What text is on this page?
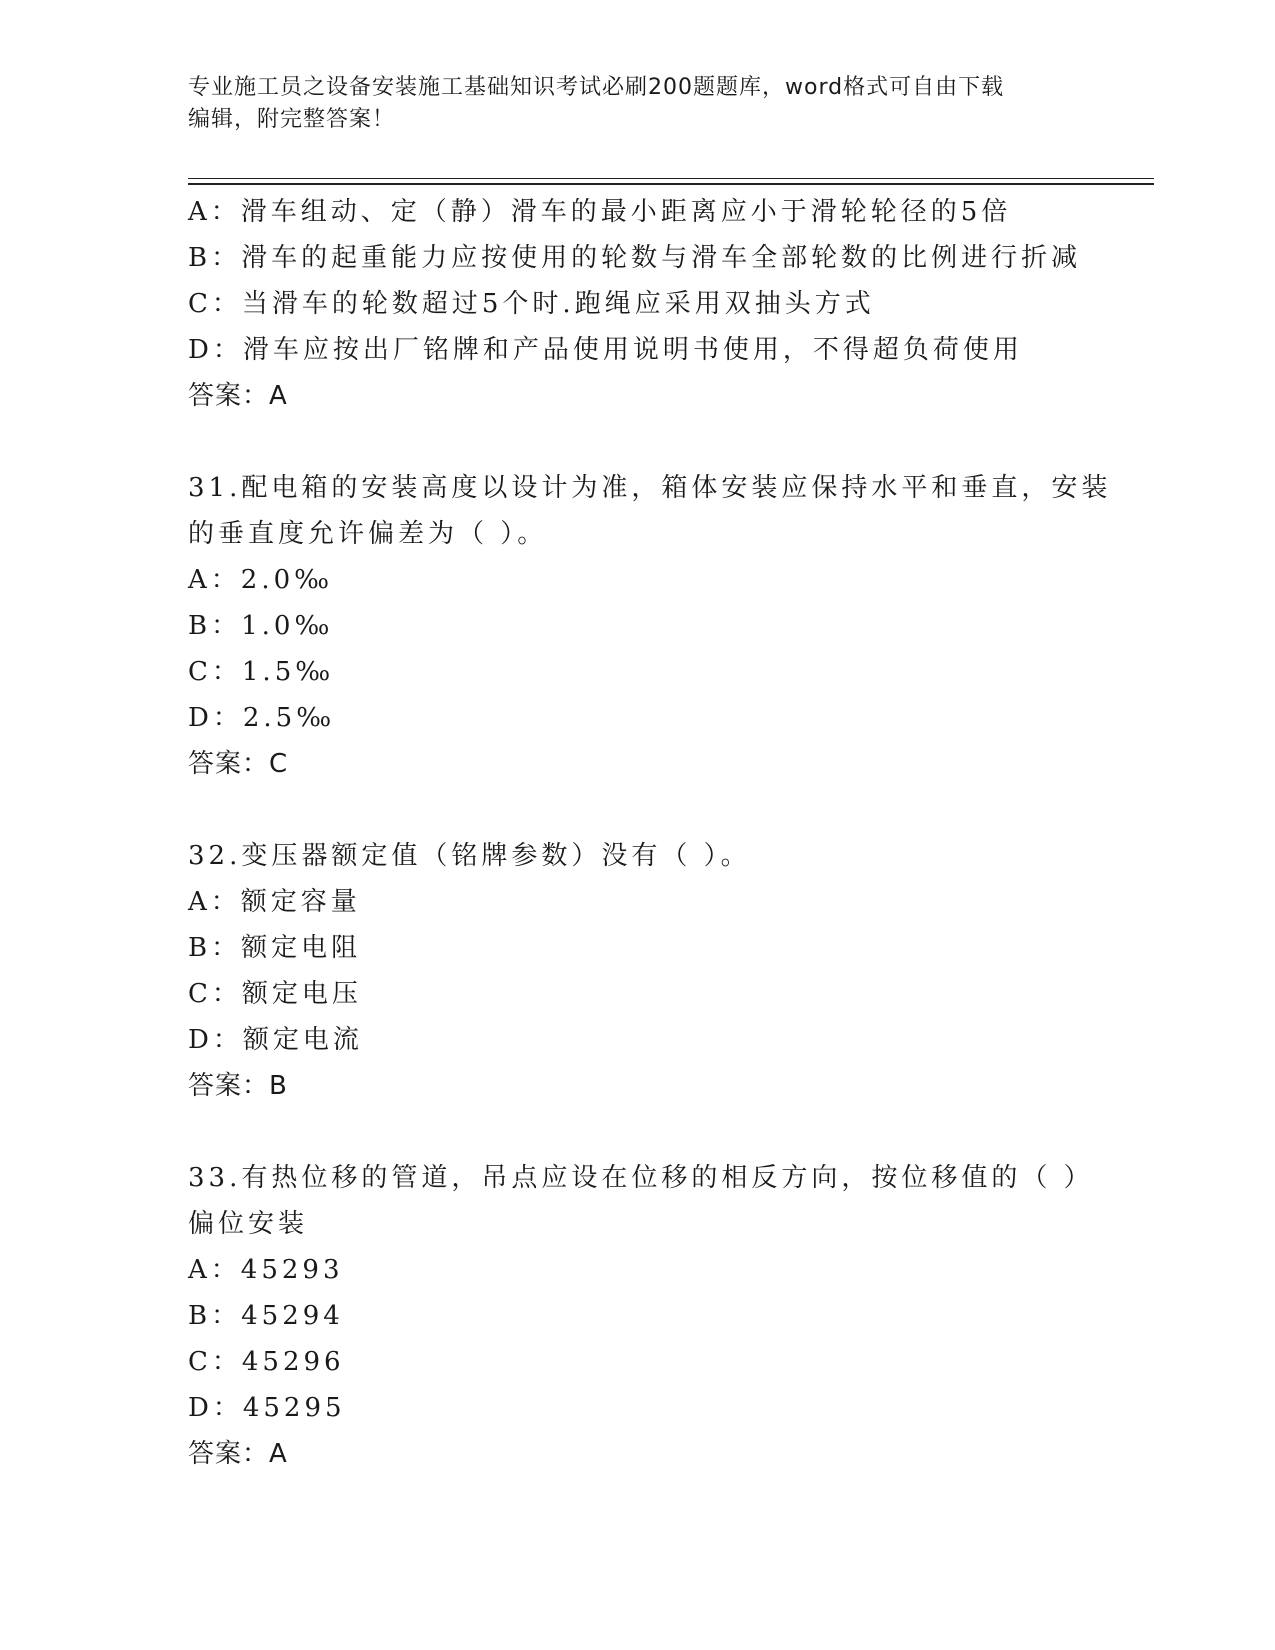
专业施工员之设备安装施工基础知识考试必刷200题题库，word格式可自由下载
编辑，附完整答案！
A：滑车组动、定（静）滑车的最小距离应小于滑轮轮径的5倍
B：滑车的起重能力应按使用的轮数与滑车全部轮数的比例进行折减
C：当滑车的轮数超过5个时.跑绳应采用双抽头方式
D：滑车应按出厂铭牌和产品使用说明书使用，不得超负荷使用
答案：A
31.配电箱的安装高度以设计为准，箱体安装应保持水平和垂直，安装
的垂直度允许偏差为（ ）。
A：2.0‰
B：1.0‰
C：1.5‰
D：2.5‰
答案：C
32.变压器额定值（铭牌参数）没有（ ）。
A：额定容量
B：额定电阻
C：额定电压
D：额定电流
答案：B
33.有热位移的管道，吊点应设在位移的相反方向，按位移值的（ ）
偏位安装
A：45293
B：45294
C：45296
D：45295
答案：A
